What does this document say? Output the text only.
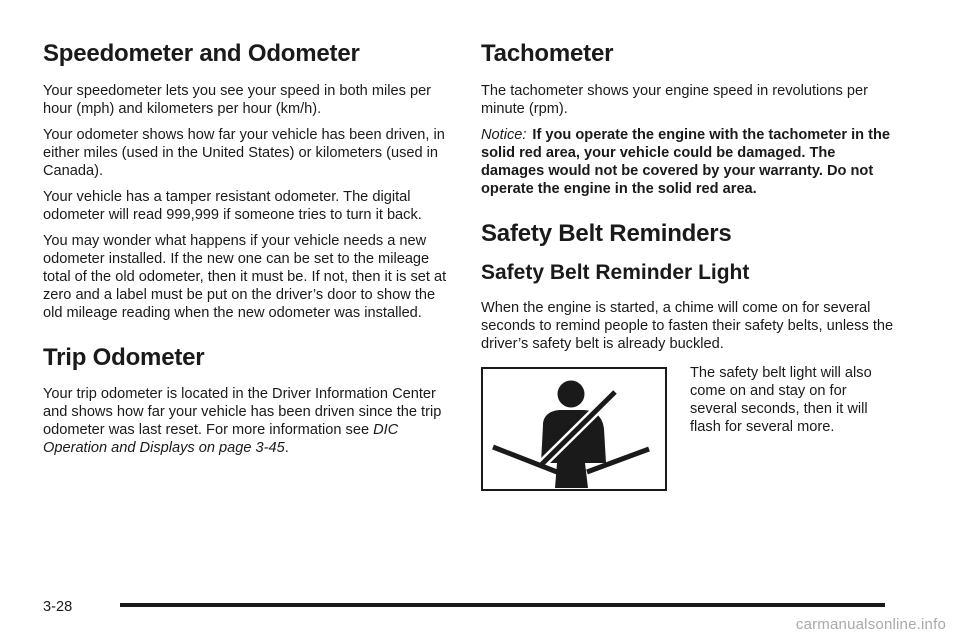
Speedometer and Odometer

Your speedometer lets you see your speed in both miles per hour (mph) and kilometers per hour (km/h).

Your odometer shows how far your vehicle has been driven, in either miles (used in the United States) or kilometers (used in Canada).

Your vehicle has a tamper resistant odometer. The digital odometer will read 999,999 if someone tries to turn it back.

You may wonder what happens if your vehicle needs a new odometer installed. If the new one can be set to the mileage total of the old odometer, then it must be. If not, then it is set at zero and a label must be put on the driver’s door to show the old mileage reading when the new odometer was installed.

Trip Odometer

Your trip odometer is located in the Driver Information Center and shows how far your vehicle has been driven since the trip odometer was last reset. For more information see DIC Operation and Displays on page 3-45.

Tachometer

The tachometer shows your engine speed in revolutions per minute (rpm).

Notice: If you operate the engine with the tachometer in the solid red area, your vehicle could be damaged. The damages would not be covered by your warranty. Do not operate the engine in the solid red area.

Safety Belt Reminders
Safety Belt Reminder Light

When the engine is started, a chime will come on for several seconds to remind people to fasten their safety belts, unless the driver’s safety belt is already buckled.

The safety belt light will also come on and stay on for several seconds, then it will flash for several more.

3-28
carmanualsonline.info
